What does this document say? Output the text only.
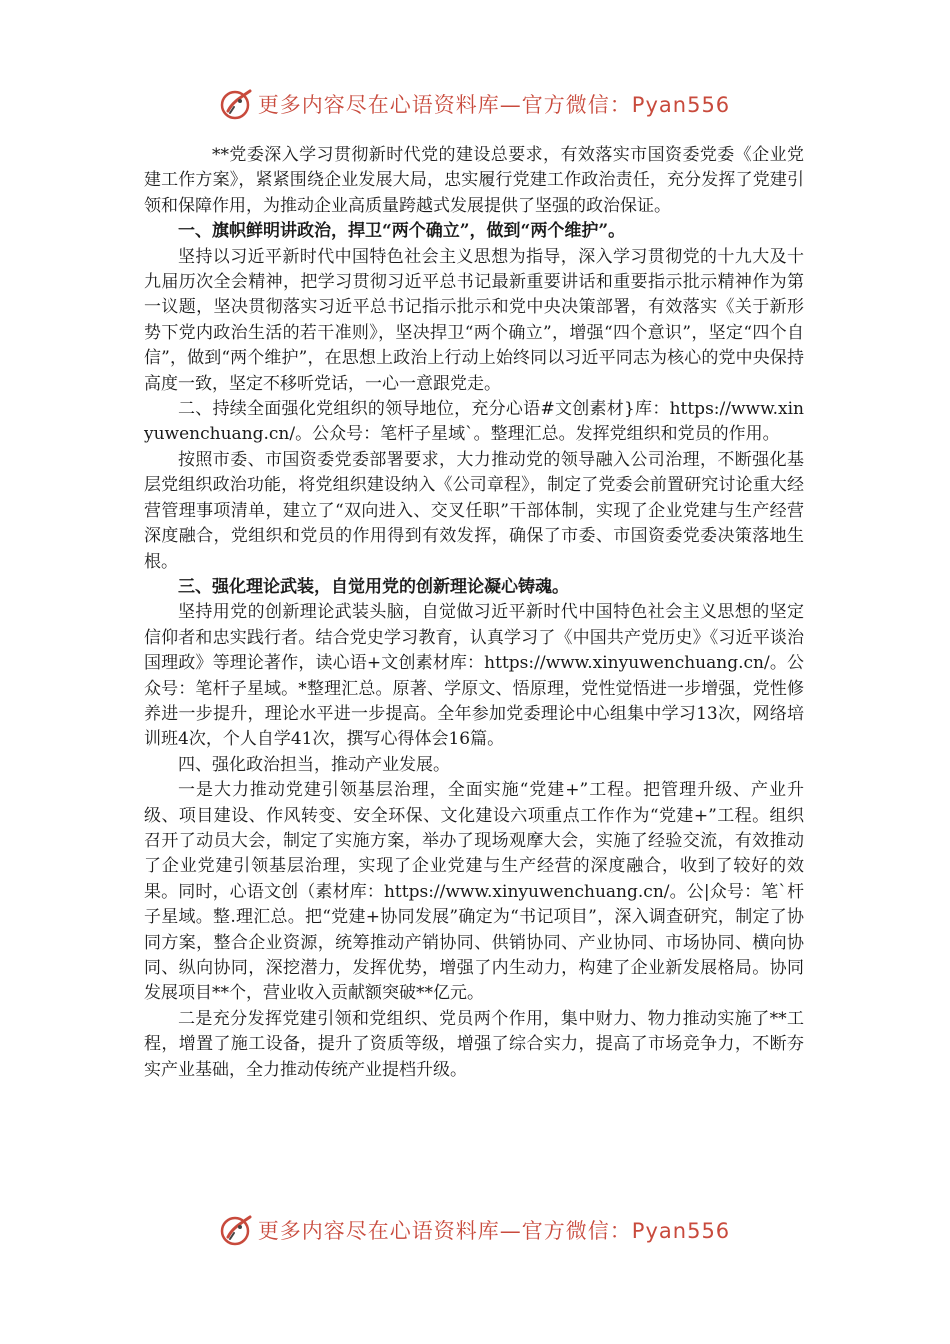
更多内容尽在心语资料库—官方微信：Pyan556

**党委深入学习贯彻新时代党的建设总要求，有效落实市国资委党委《企业党建工作方案》，紧紧围绕企业发展大局，忠实履行党建工作政治责任，充分发挥了党建引领和保障作用，为推动企业高质量跨越式发展提供了坚强的政治保证。

一、旗帜鲜明讲政治，捍卫“两个确立”，做到“两个维护”。

坚持以习近平新时代中国特色社会主义思想为指导，深入学习贯彻党的十九大及十九届历次全会精神，把学习贯彻习近平总书记最新重要讲话和重要指示批示精神作为第一议题，坚决贯彻落实习近平总书记指示批示和党中央决策部署，有效落实《关于新形势下党内政治生活的若干准则》，坚决捍卫“两个确立”，增强“四个意识”，坚定“四个自信”，做到“两个维护”，在思想上政治上行动上始终同以习近平同志为核心的党中央保持高度一致，坚定不移听党话，一心一意跟党走。

二、持续全面强化党组织的领导地位，充分心语#文创素材}库：https://www.xinyuwenchuang.cn/。公众号：笔杆子星域`。整理汇总。发挥党组织和党员的作用。

按照市委、市国资委党委部署要求，大力推动党的领导融入公司治理，不断强化基层党组织政治功能，将党组织建设纳入《公司章程》，制定了党委会前置研究讨论重大经营管理事项清单，建立了“双向进入、交叉任职”干部体制，实现了企业党建与生产经营深度融合，党组织和党员的作用得到有效发挥，确保了市委、市国资委党委决策落地生根。

三、强化理论武装，自觉用党的创新理论凝心铸魂。

坚持用党的创新理论武装头脑，自觉做习近平新时代中国特色社会主义思想的坚定信仰者和忠实践行者。结合党史学习教育，认真学习了《中国共产党历史》《习近平谈治国理政》等理论著作，读心语+文创素材库：https://www.xinyuwenchuang.cn/。公众号：笔杆子星域。*整理汇总。原著、学原文、悟原理，党性觉悟进一步增强，党性修养进一步提升，理论水平进一步提高。全年参加党委理论中心组集中学习13次，网络培训班4次，个人自学41次，撰写心得体会16篇。

四、强化政治担当，推动产业发展。

一是大力推动党建引领基层治理，全面实施“党建+”工程。把管理升级、产业升级、项目建设、作风转变、安全环保、文化建设六项重点工作作为“党建+”工程。组织召开了动员大会，制定了实施方案，举办了现场观摩大会，实施了经验交流，有效推动了企业党建引领基层治理，实现了企业党建与生产经营的深度融合，收到了较好的效果。同时，心语文创（素材库：https://www.xinyuwenchuang.cn/。公|众号：笔`杆子星域。整.理汇总。把“党建+协同发展”确定为“书记项目”，深入调查研究，制定了协同方案，整合企业资源，统筹推动产销协同、供销协同、产业协同、市场协同、横向协同、纵向协同，深挖潜力，发挥优势，增强了内生动力，构建了企业新发展格局。协同发展项目**个，营业收入贡献额突破**亿元。

二是充分发挥党建引领和党组织、党员两个作用，集中财力、物力推动实施了**工程，增置了施工设备，提升了资质等级，增强了综合实力，提高了市场竞争力，不断夯实产业基础，全力推动传统产业提档升级。

更多内容尽在心语资料库—官方微信：Pyan556
